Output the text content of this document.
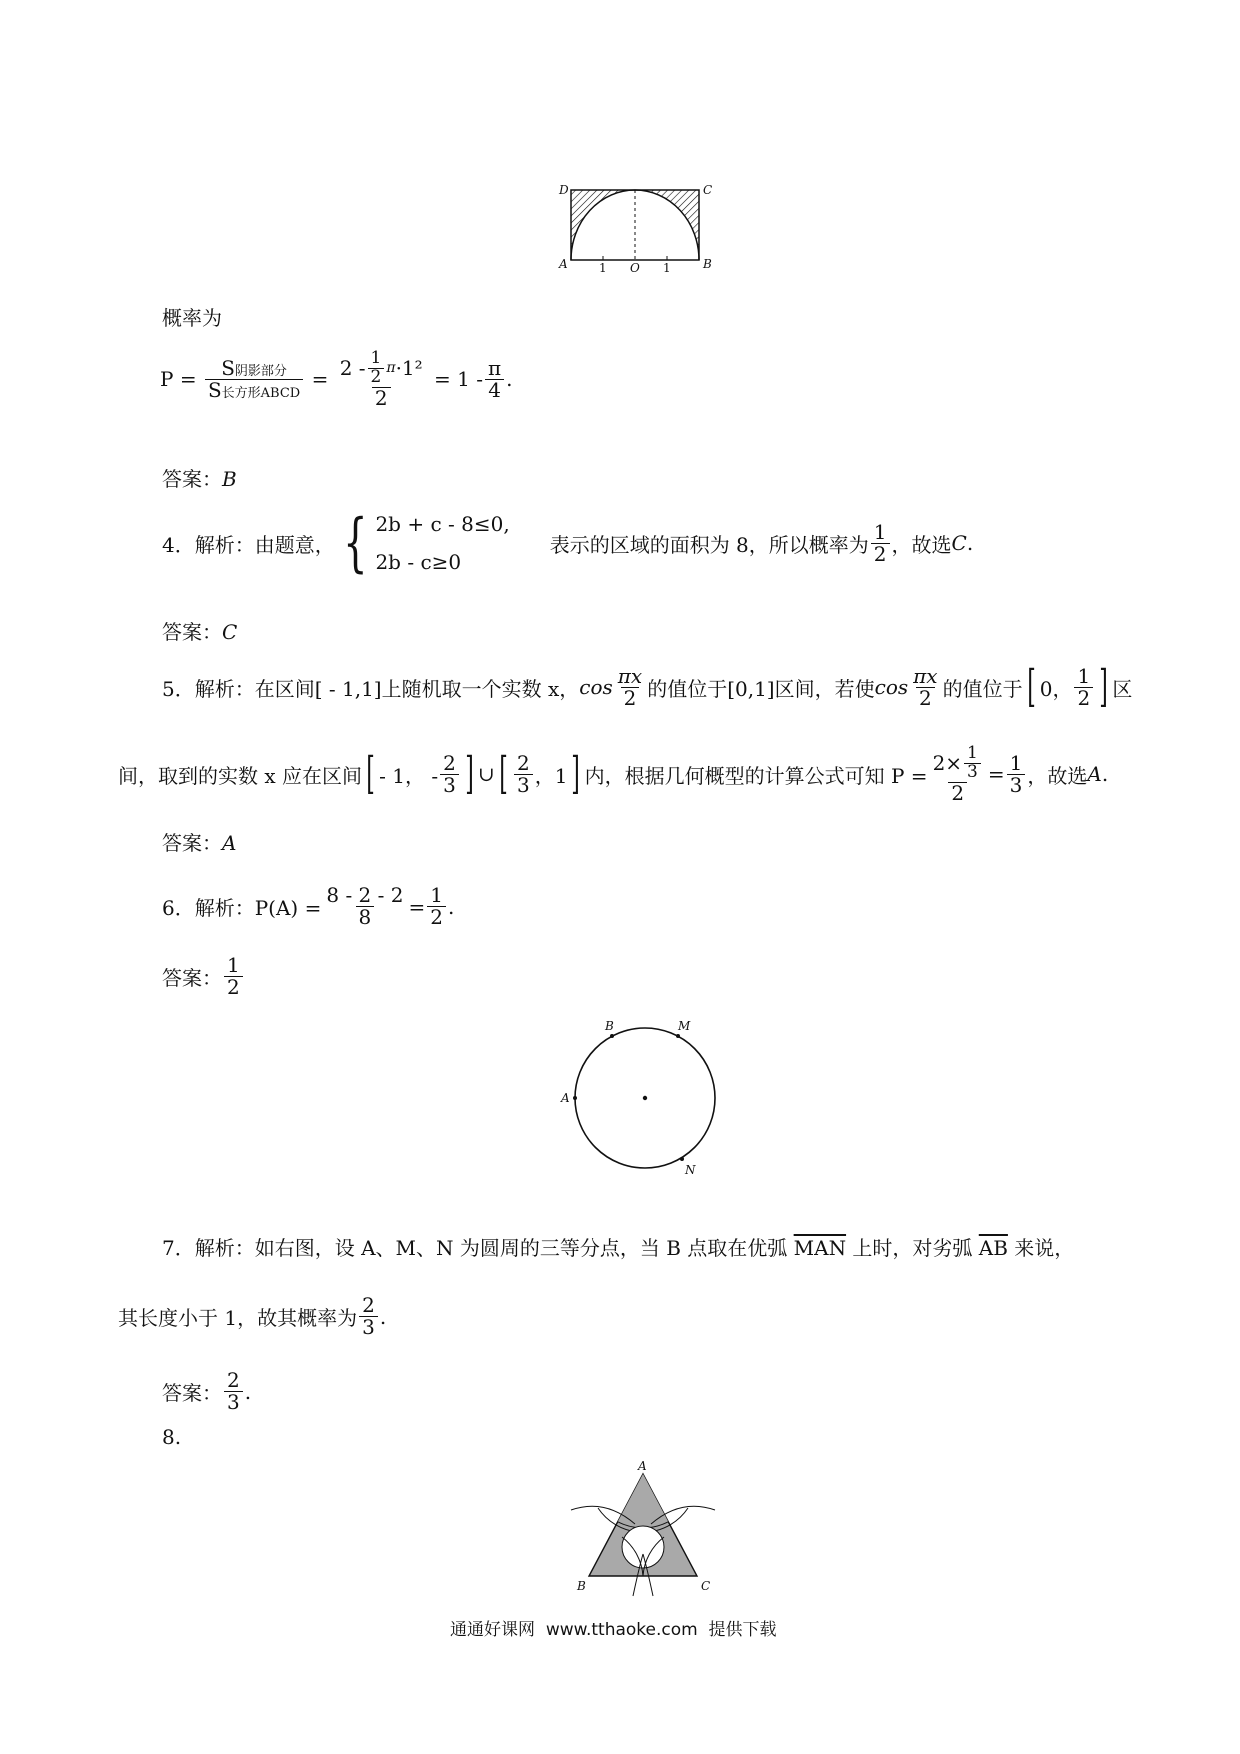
D	C
A	B
O
1	1
概率为
$P = \frac{\text{S阴影部分}}{\text{S长方形ABCD}} = \frac{2 - \frac{1}{2} \pi \cdot 1^2}{2}$
= $1 - \frac{\pi}{4}$ .
答案：B
4．解析：由题意， { 2b + c - 8≤0,
2b - c≥0
表示的区域的面积为 8，所以概率为 $\frac{1}{2}$ ，故选 C .
答案：C
5．解析：在区间[ - 1,1]上随机取一个实数 x， $\cos \frac{\pi x}{2}$ 的值位于[0,1]区间，若使 $\cos \frac{\pi x}{2}$ 的值位于 [ 0， $\frac{1}{2}$ ] 区
间，取到的实数 x 应在区间 [ - 1， - $\frac{2}{3}$ ] ∪ [ $\frac{2}{3}$ ，1 ] 内，根据几何概型的计算公式可知 $P = \frac{2\times \frac{1}{3}}{2} = \frac{1}{3}$ ，故选 A .
答案：A
6．解析：$P(A) = \frac{8 - 2 - 2}{8} = \frac{1}{2}$ .
答案： $\frac{1}{2}$
B	M
A
N
7．解析：如右图，设 A、M、N 为圆周的三等分点，当 B 点取在优弧 $\overline{MAN}$ 上时，对劣弧 $\overline{AB}$ 来说，
其长度小于 1，故其概率为 $\frac{2}{3}$ .
答案： $\frac{2}{3}$ .
8.
A
B	C
通通好课网 www.tthaoke.com 提供下载
